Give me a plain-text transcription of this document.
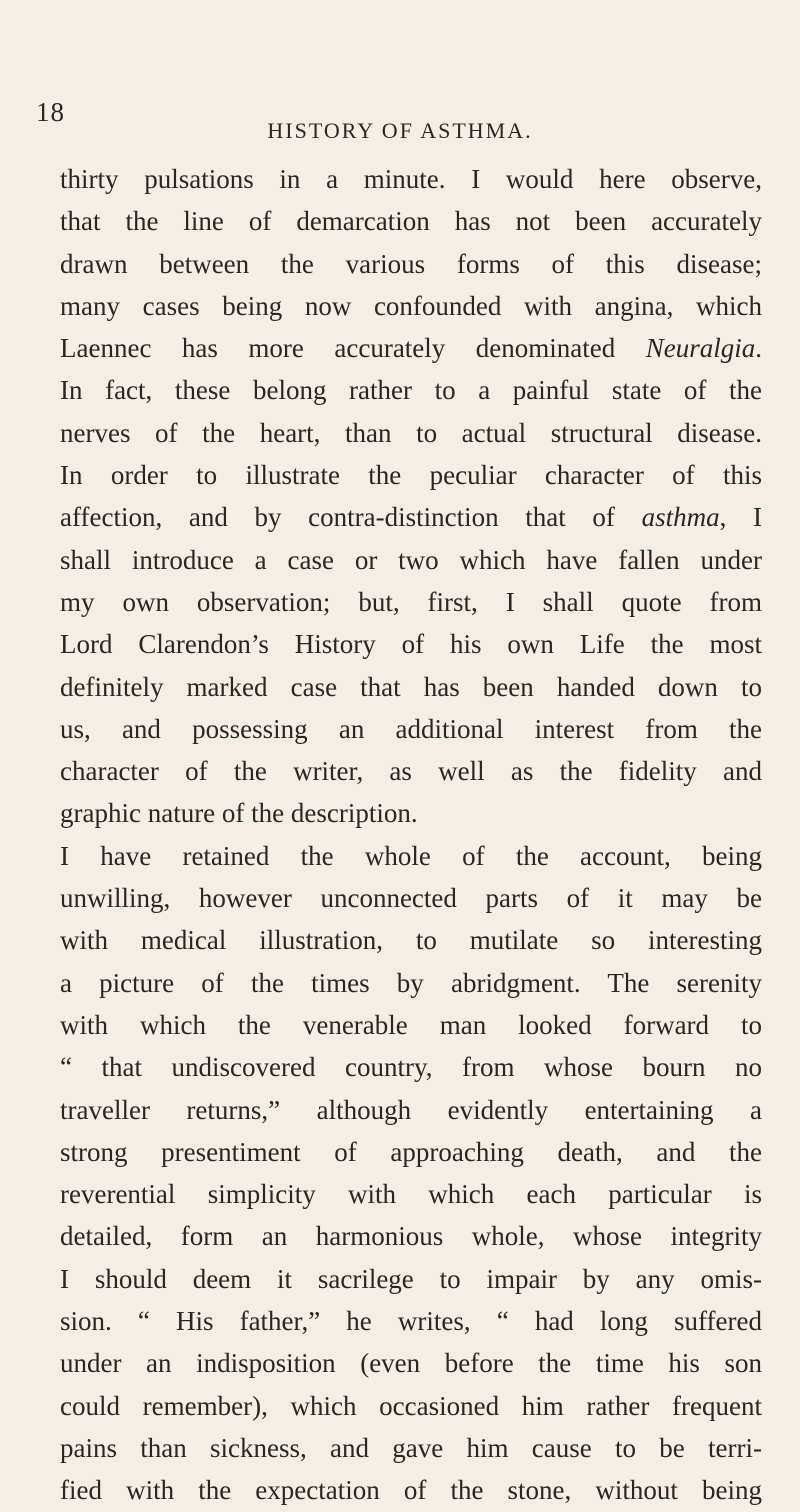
18
HISTORY OF ASTHMA.
thirty pulsations in a minute. I would here observe,
that the line of demarcation has not been accurately
drawn between the various forms of this disease;
many cases being now confounded with angina, which
Laennec has more accurately denominated Neuralgia.
In fact, these belong rather to a painful state of the
nerves of the heart, than to actual structural disease.
In order to illustrate the peculiar character of this
affection, and by contra-distinction that of asthma, I
shall introduce a case or two which have fallen under
my own observation; but, first, I shall quote from
Lord Clarendon’s History of his own Life the most
definitely marked case that has been handed down to
us, and possessing an additional interest from the
character of the writer, as well as the fidelity and
graphic nature of the description.
I have retained the whole of the account, being
unwilling, however unconnected parts of it may be
with medical illustration, to mutilate so interesting
a picture of the times by abridgment. The serenity
with which the venerable man looked forward to
“ that undiscovered country, from whose bourn no
traveller returns,” although evidently entertaining a
strong presentiment of approaching death, and the
reverential simplicity with which each particular is
detailed, form an harmonious whole, whose integrity
I should deem it sacrilege to impair by any omis-
sion. “ His father,” he writes, “ had long suffered
under an indisposition (even before the time his son
could remember), which occasioned him rather frequent
pains than sickness, and gave him cause to be terri-
fied with the expectation of the stone, without being
